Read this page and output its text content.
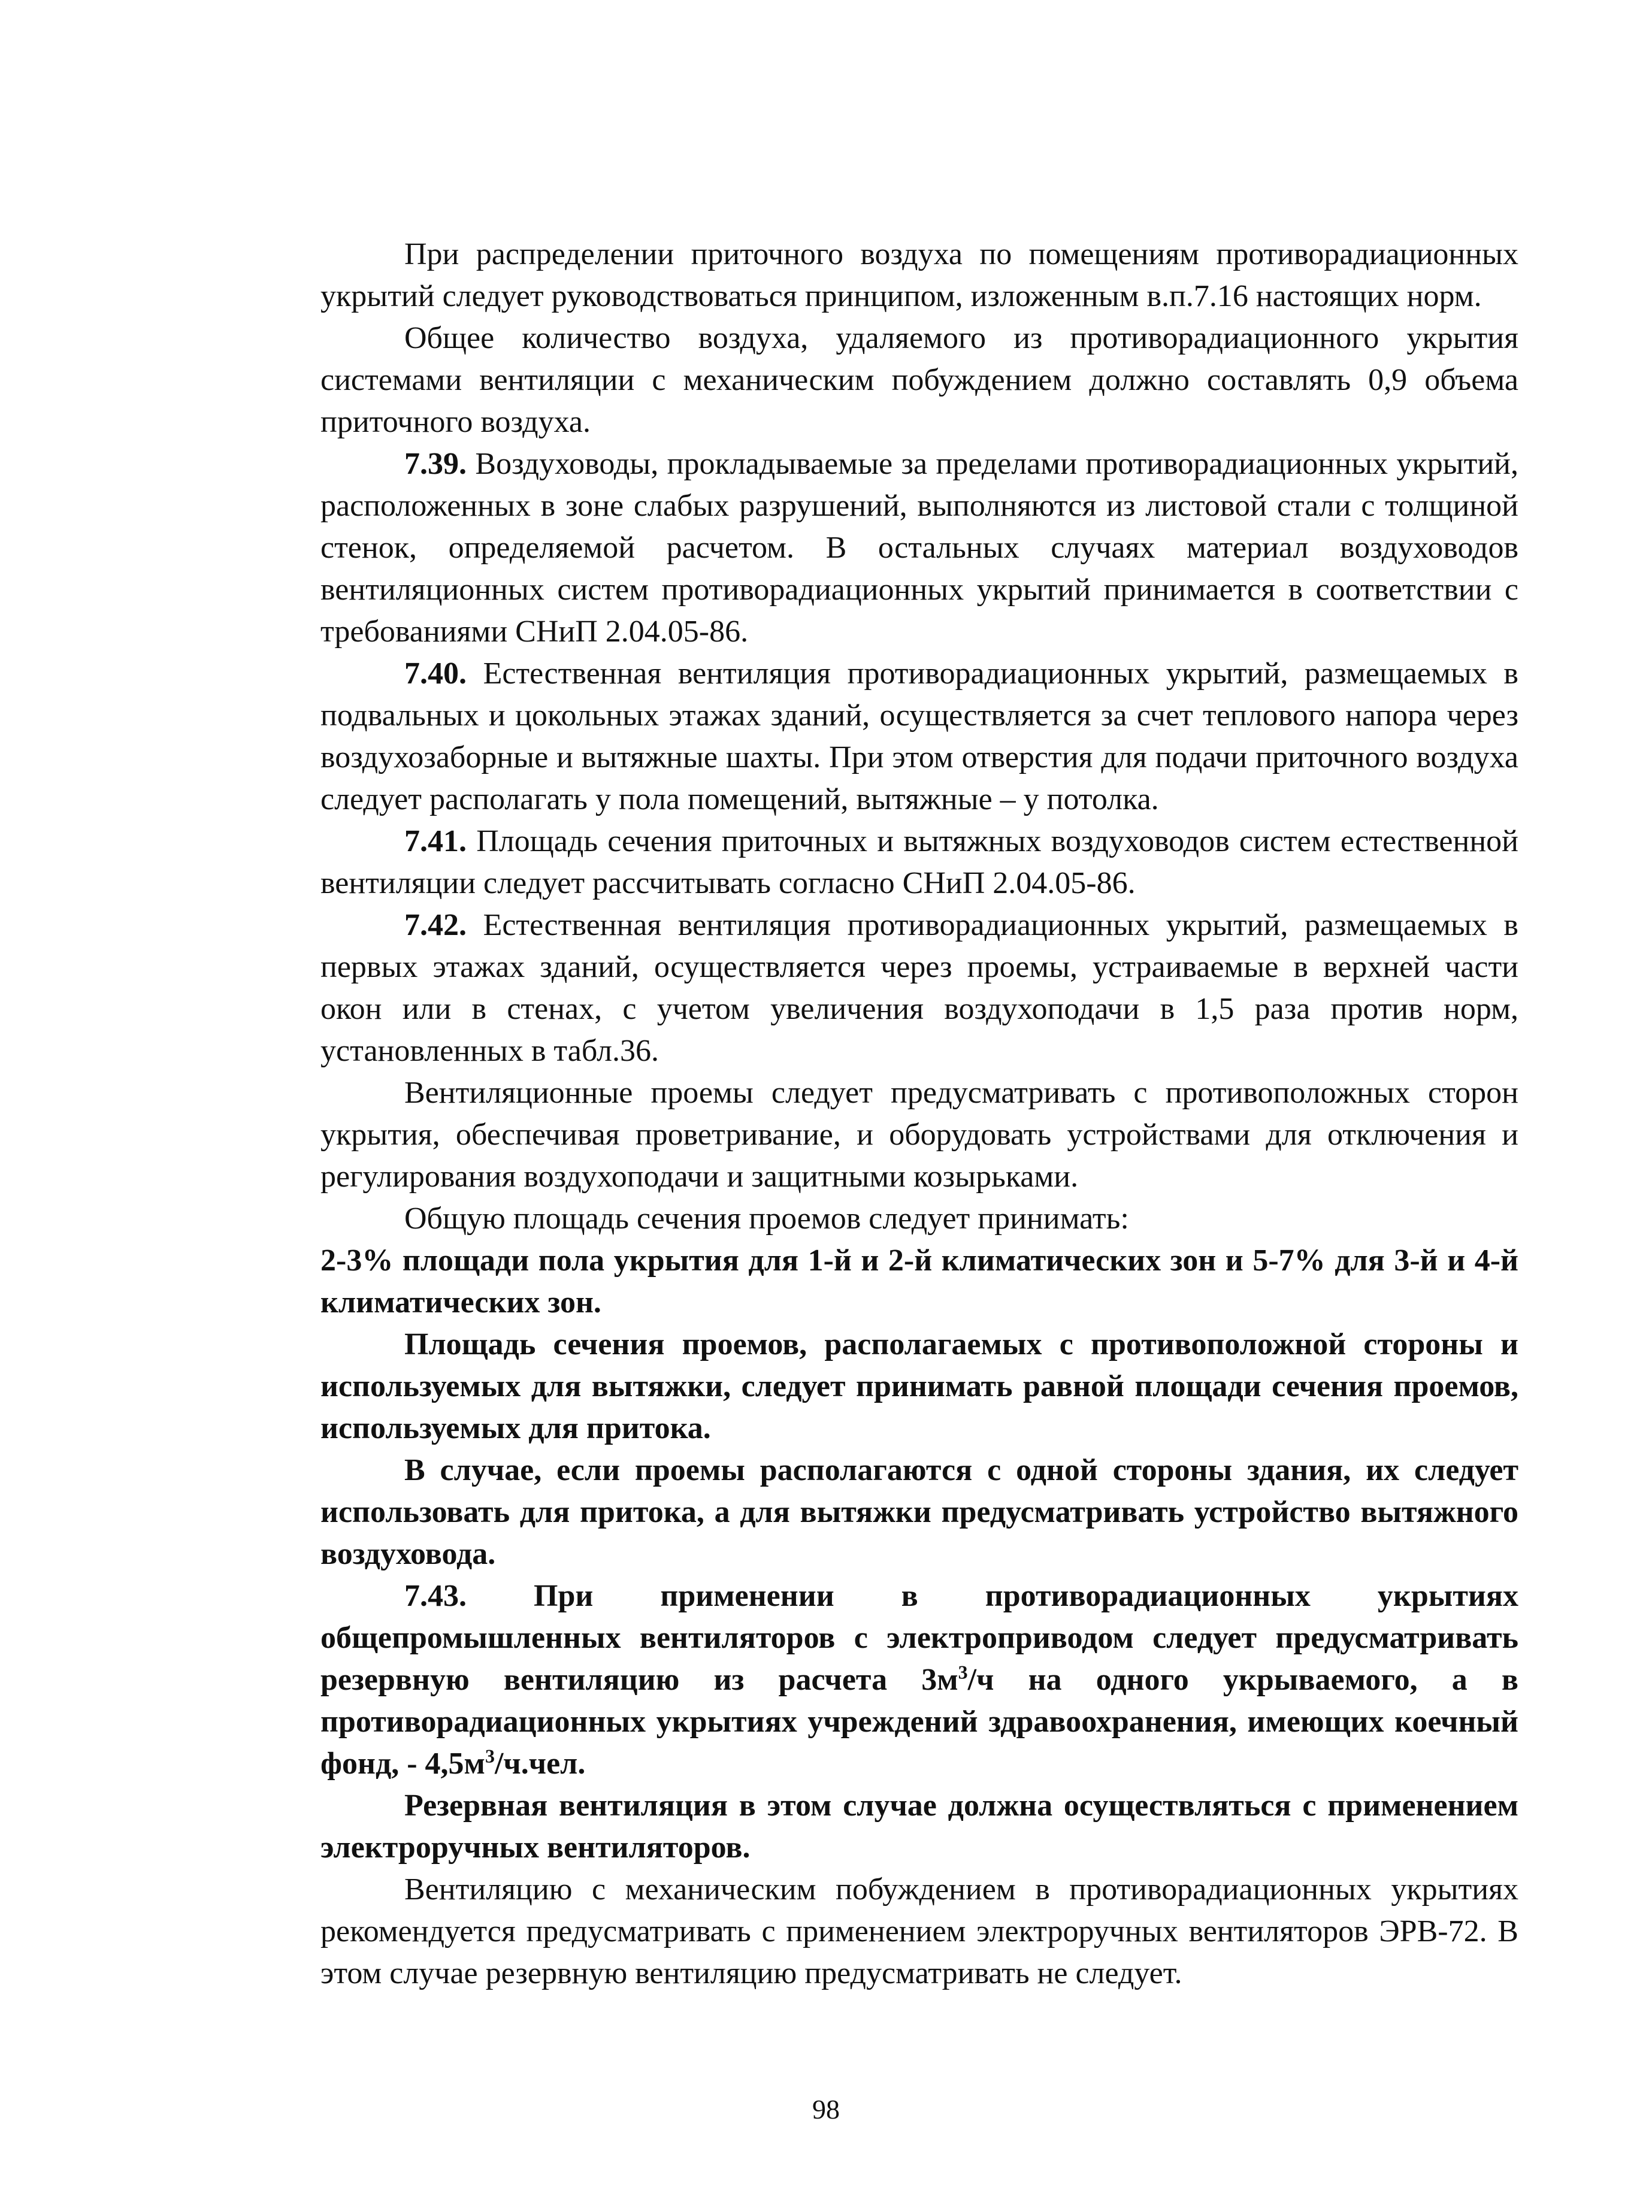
При распределении приточного воздуха по помещениям противорадиационных укрытий следует руководствоваться принципом, изложенным в.п.7.16 настоящих норм.

Общее количество воздуха, удаляемого из противорадиационного укрытия системами вентиляции с механическим побуждением должно составлять 0,9 объема приточного воздуха.

7.39. Воздуховоды, прокладываемые за пределами противорадиационных укрытий, расположенных в зоне слабых разрушений, выполняются из листовой стали с толщиной стенок, определяемой расчетом. В остальных случаях материал воздуховодов вентиляционных систем противорадиационных укрытий принимается в соответствии с требованиями СНиП 2.04.05-86.

7.40. Естественная вентиляция противорадиационных укрытий, размещаемых в подвальных и цокольных этажах зданий, осуществляется за счет теплового напора через воздухозаборные и вытяжные шахты. При этом отверстия для подачи приточного воздуха следует располагать у пола помещений, вытяжные – у потолка.

7.41. Площадь сечения приточных и вытяжных воздуховодов систем естественной вентиляции следует рассчитывать согласно СНиП 2.04.05-86.

7.42. Естественная вентиляция противорадиационных укрытий, размещаемых в первых этажах зданий, осуществляется через проемы, устраиваемые в верхней части окон или в стенах, с учетом увеличения воздухоподачи в 1,5 раза против норм, установленных в табл.36.

Вентиляционные проемы следует предусматривать с противоположных сторон укрытия, обеспечивая проветривание, и оборудовать устройствами для отключения и регулирования воздухоподачи и защитными козырьками.

Общую площадь сечения проемов следует принимать:

2-3% площади пола укрытия для 1-й и 2-й климатических зон и 5-7% для 3-й и 4-й климатических зон.

Площадь сечения проемов, располагаемых с противоположной стороны и используемых для вытяжки, следует принимать равной площади сечения проемов, используемых для притока.

В случае, если проемы располагаются с одной стороны здания, их следует использовать для притока, а для вытяжки предусматривать устройство вытяжного воздуховода.

7.43. При применении в противорадиационных укрытиях общепромышленных вентиляторов с электроприводом следует предусматривать резервную вентиляцию из расчета $3м^3/ч$ на одного укрываемого, а в противорадиационных укрытиях учреждений здравоохранения, имеющих коечный фонд, - $4,5м^3/ч.чел$.

Резервная вентиляция в этом случае должна осуществляться с применением электроручных вентиляторов.

Вентиляцию с механическим побуждением в противорадиационных укрытиях рекомендуется предусматривать с применением электроручных вентиляторов ЭРВ-72. В этом случае резервную вентиляцию предусматривать не следует.

98
